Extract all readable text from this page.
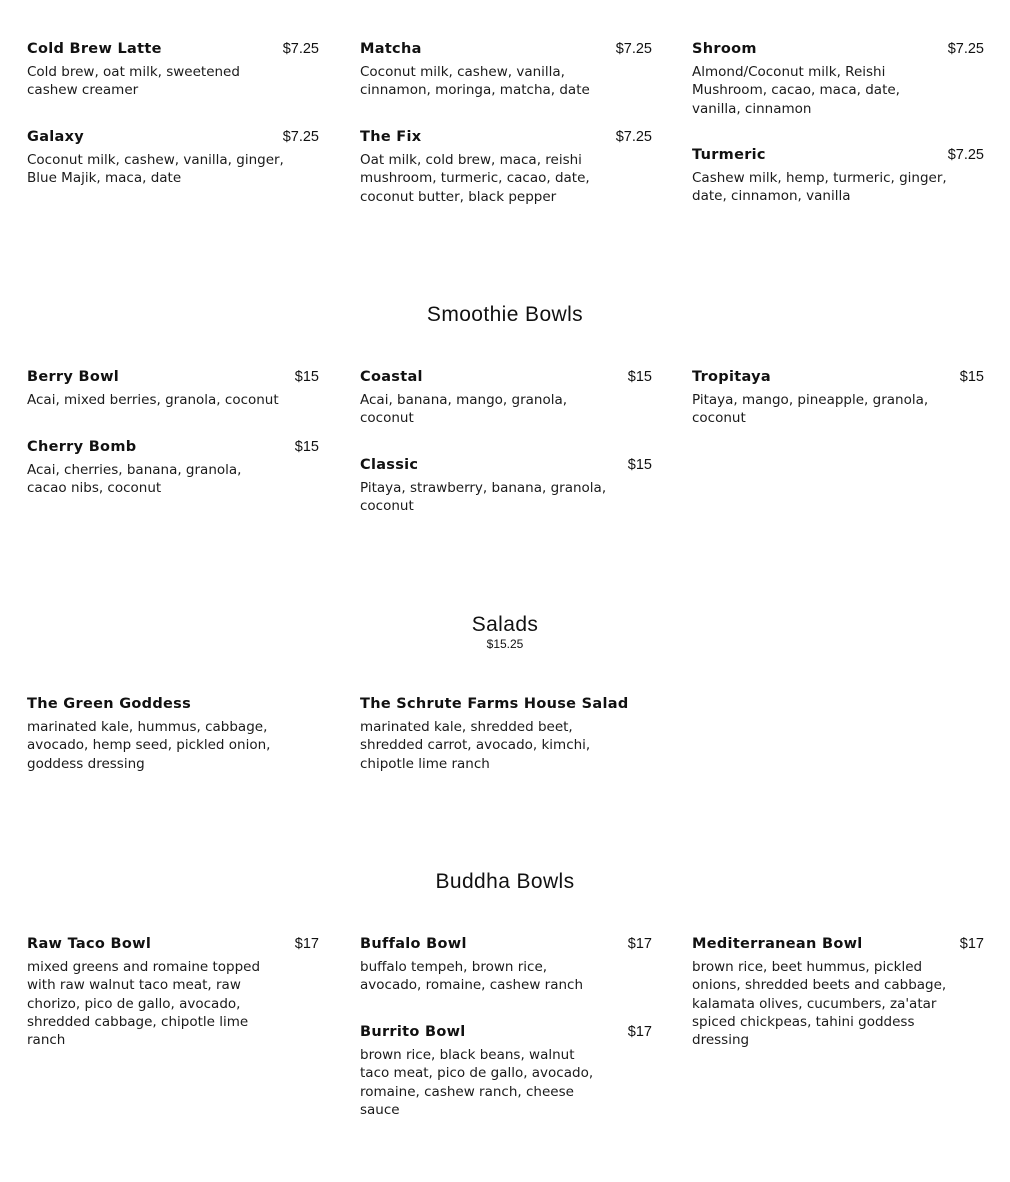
Cold Brew Latte	$7.25
Cold brew, oat milk, sweetened cashew creamer
Matcha	$7.25
Coconut milk, cashew, vanilla, cinnamon, moringa, matcha, date
Shroom	$7.25
Almond/Coconut milk, Reishi Mushroom, cacao, maca, date, vanilla, cinnamon
Galaxy	$7.25
Coconut milk, cashew, vanilla, ginger, Blue Majik, maca, date
The Fix	$7.25
Oat milk, cold brew, maca, reishi mushroom, turmeric, cacao, date, coconut butter, black pepper
Turmeric	$7.25
Cashew milk, hemp, turmeric, ginger, date, cinnamon, vanilla
Smoothie Bowls
Berry Bowl	$15
Acai, mixed berries, granola, coconut
Coastal	$15
Acai, banana, mango, granola, coconut
Tropitaya	$15
Pitaya, mango, pineapple, granola, coconut
Cherry Bomb	$15
Acai, cherries, banana, granola, cacao nibs, coconut
Classic	$15
Pitaya, strawberry, banana, granola, coconut
Salads
$15.25
The Green Goddess
marinated kale, hummus, cabbage, avocado, hemp seed, pickled onion, goddess dressing
The Schrute Farms House Salad
marinated kale, shredded beet, shredded carrot, avocado, kimchi, chipotle lime ranch
Buddha Bowls
Raw Taco Bowl	$17
mixed greens and romaine topped with raw walnut taco meat, raw chorizo, pico de gallo, avocado, shredded cabbage, chipotle lime ranch
Buffalo Bowl	$17
buffalo tempeh, brown rice, avocado, romaine, cashew ranch
Mediterranean Bowl	$17
brown rice, beet hummus, pickled onions, shredded beets and cabbage, kalamata olives, cucumbers, za'atar spiced chickpeas, tahini goddess dressing
Burrito Bowl	$17
brown rice, black beans, walnut taco meat, pico de gallo, avocado, romaine, cashew ranch, cheese sauce
